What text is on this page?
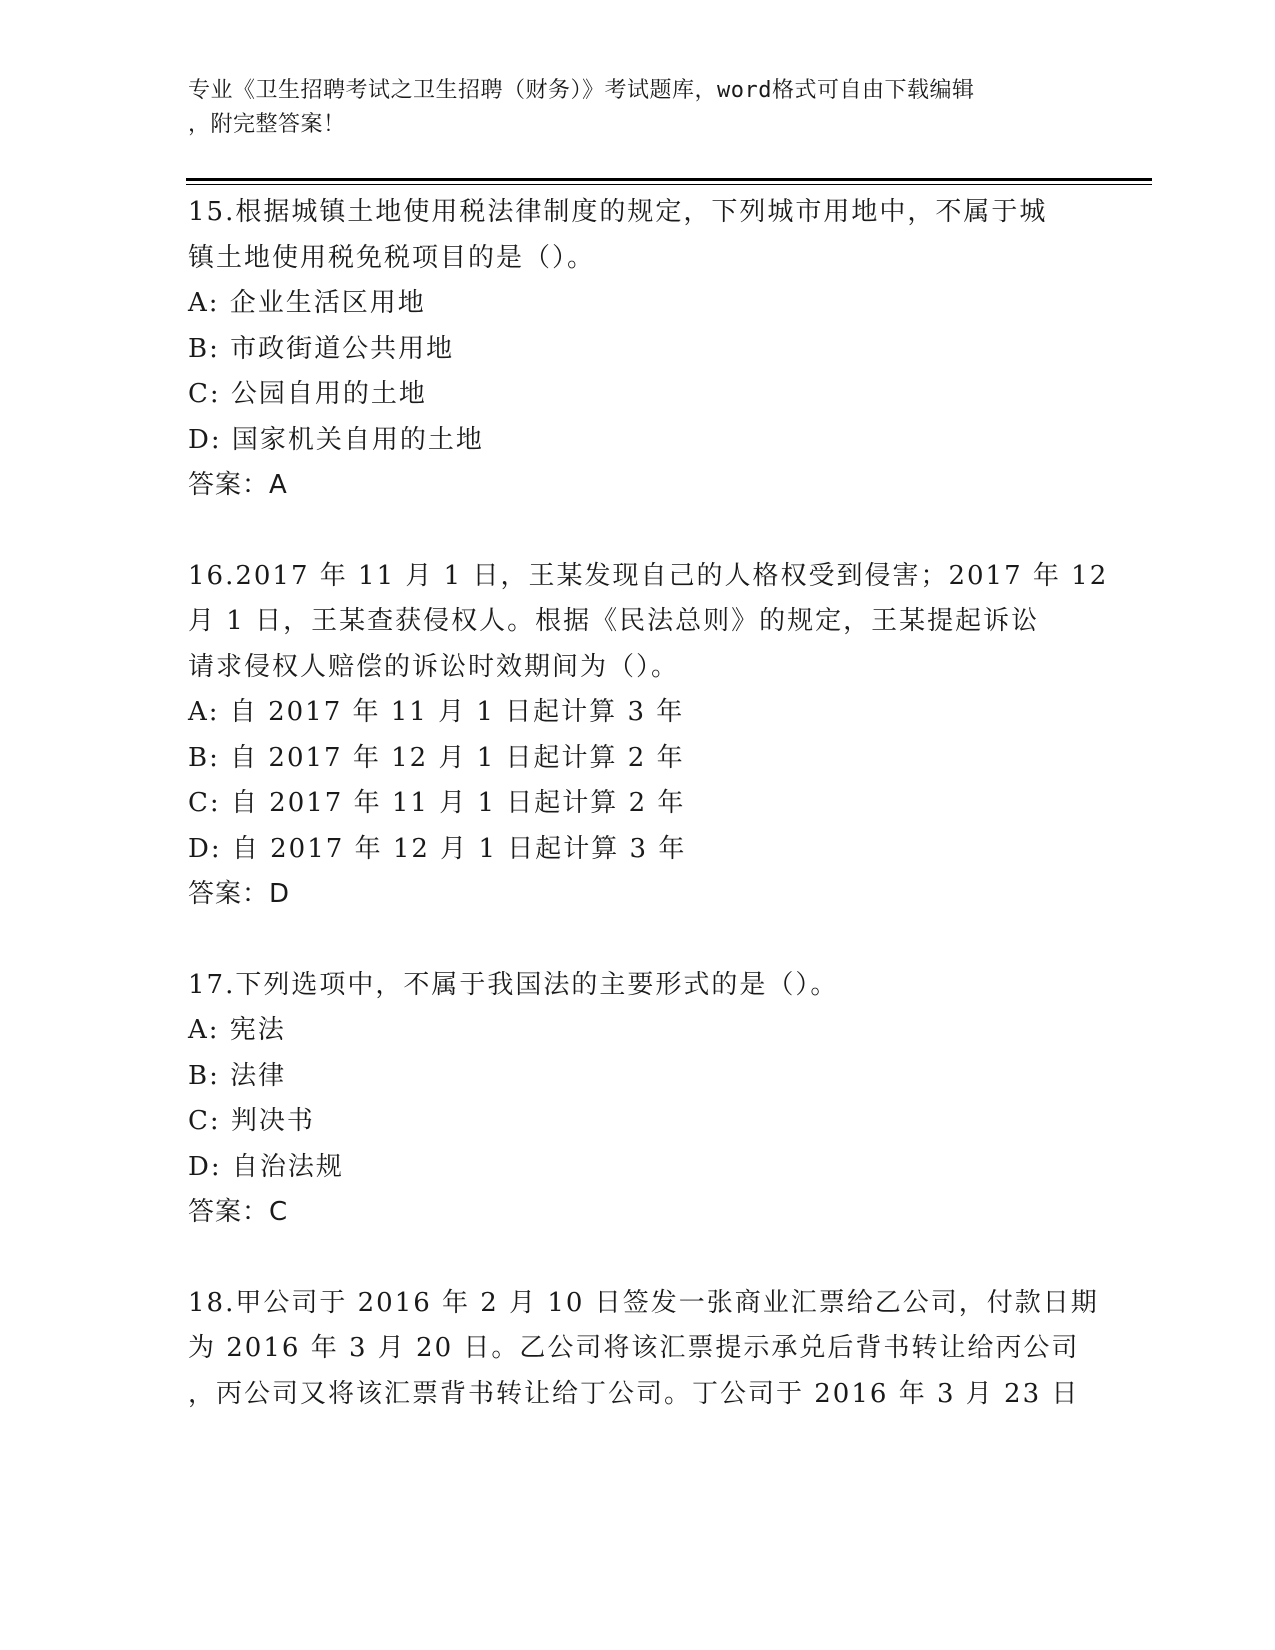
专业《卫生招聘考试之卫生招聘（财务）》考试题库，word格式可自由下载编辑

，附完整答案！

15.根据城镇土地使用税法律制度的规定，下列城市用地中，不属于城
镇土地使用税免税项目的是（）。
A: 企业生活区用地
B: 市政街道公共用地
C: 公园自用的土地
D: 国家机关自用的土地
答案：A
16.2017 年 11 月 1 日，王某发现自己的人格权受到侵害；2017 年 12
月 1 日，王某查获侵权人。根据《民法总则》的规定，王某提起诉讼
请求侵权人赔偿的诉讼时效期间为（）。
A: 自 2017 年 11 月 1 日起计算 3 年
B: 自 2017 年 12 月 1 日起计算 2 年
C: 自 2017 年 11 月 1 日起计算 2 年
D: 自 2017 年 12 月 1 日起计算 3 年
答案：D
17.下列选项中，不属于我国法的主要形式的是（）。
A: 宪法
B: 法律
C: 判决书
D: 自治法规
答案：C
18.甲公司于 2016 年 2 月 10 日签发一张商业汇票给乙公司，付款日期
为 2016 年 3 月 20 日。乙公司将该汇票提示承兑后背书转让给丙公司
，丙公司又将该汇票背书转让给丁公司。丁公司于 2016 年 3 月 23 日
